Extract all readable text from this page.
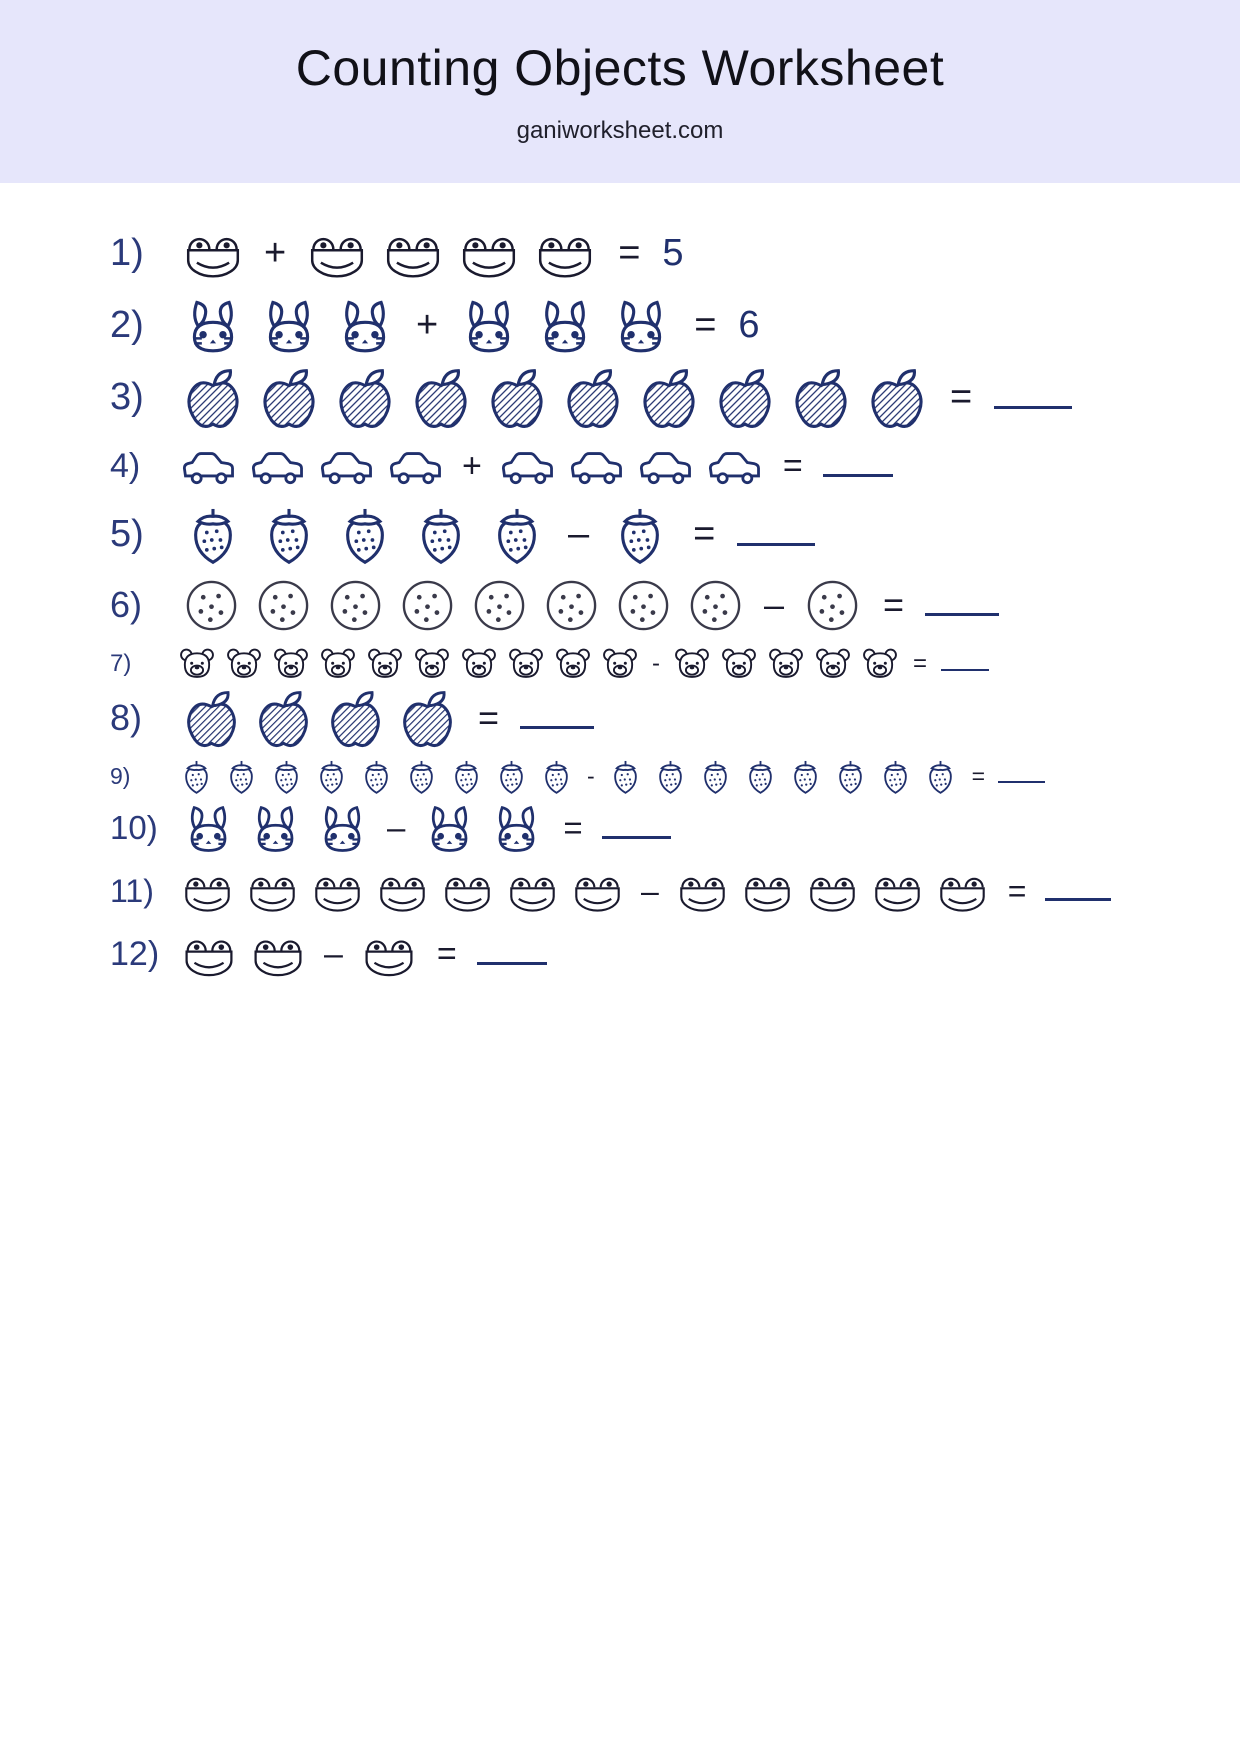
Counting Objects Worksheet

ganiworksheet.com

1)	+	= 5
2)	+	= 6
3)	=
4)	+	=
5)	–	=
6)	–	=
7)	-	=
8)	=
9)	-	=
10)	–	=
11)	–	=
12)	–	=
